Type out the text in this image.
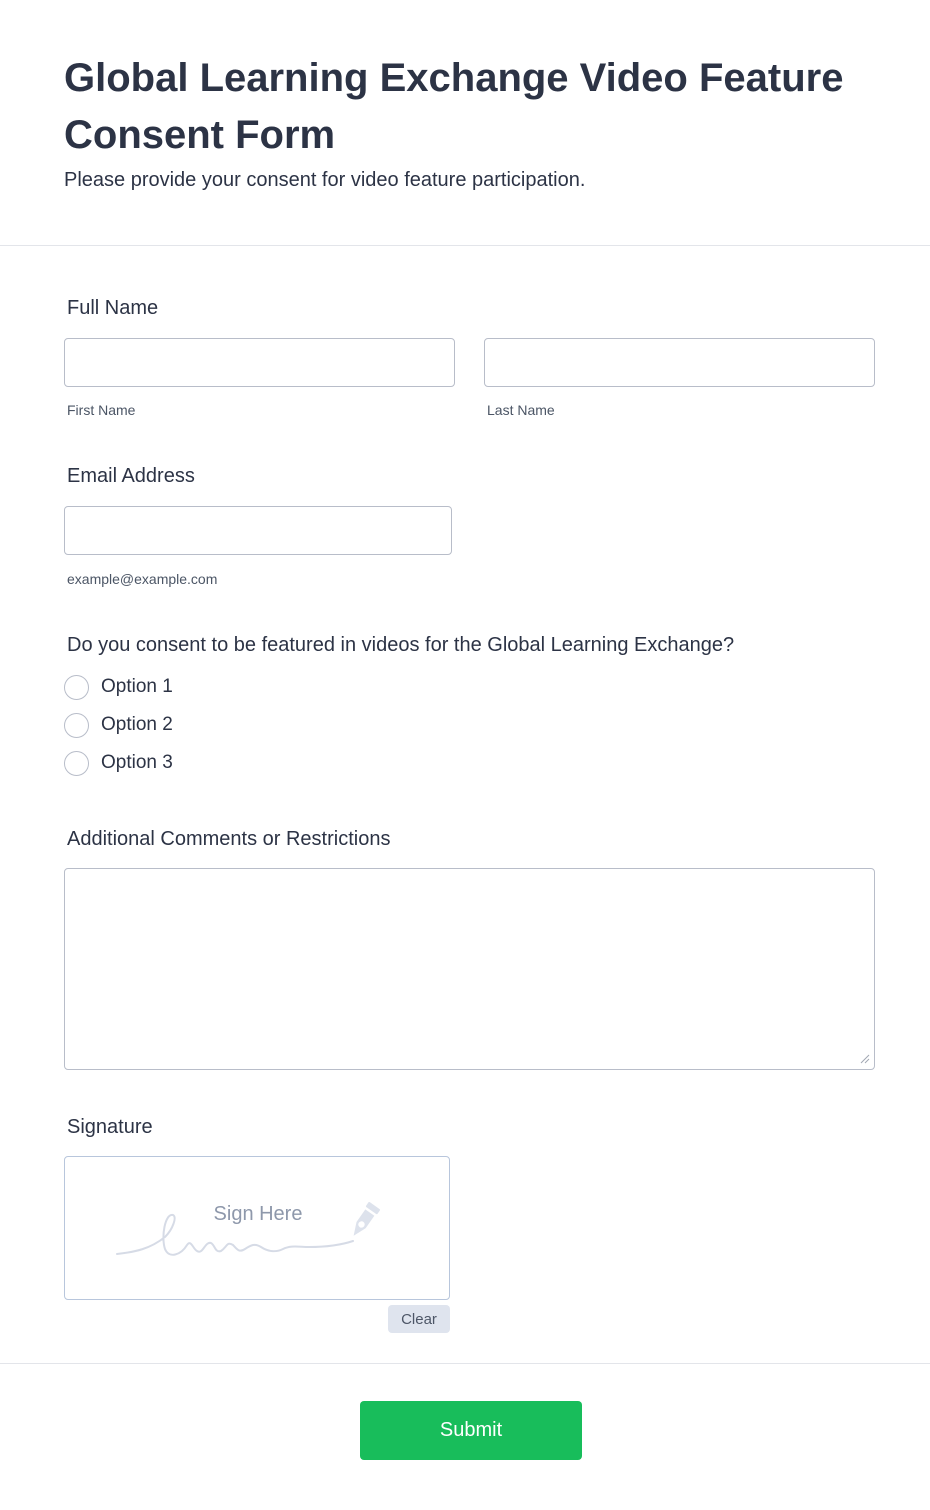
Global Learning Exchange Video Feature Consent Form

Please provide your consent for video feature participation.

Full Name
First Name	Last Name
Email Address
example@example.com
Do you consent to be featured in videos for the Global Learning Exchange?
Option 1
Option 2
Option 3
Additional Comments or Restrictions
Signature
Sign Here
Clear
Submit
